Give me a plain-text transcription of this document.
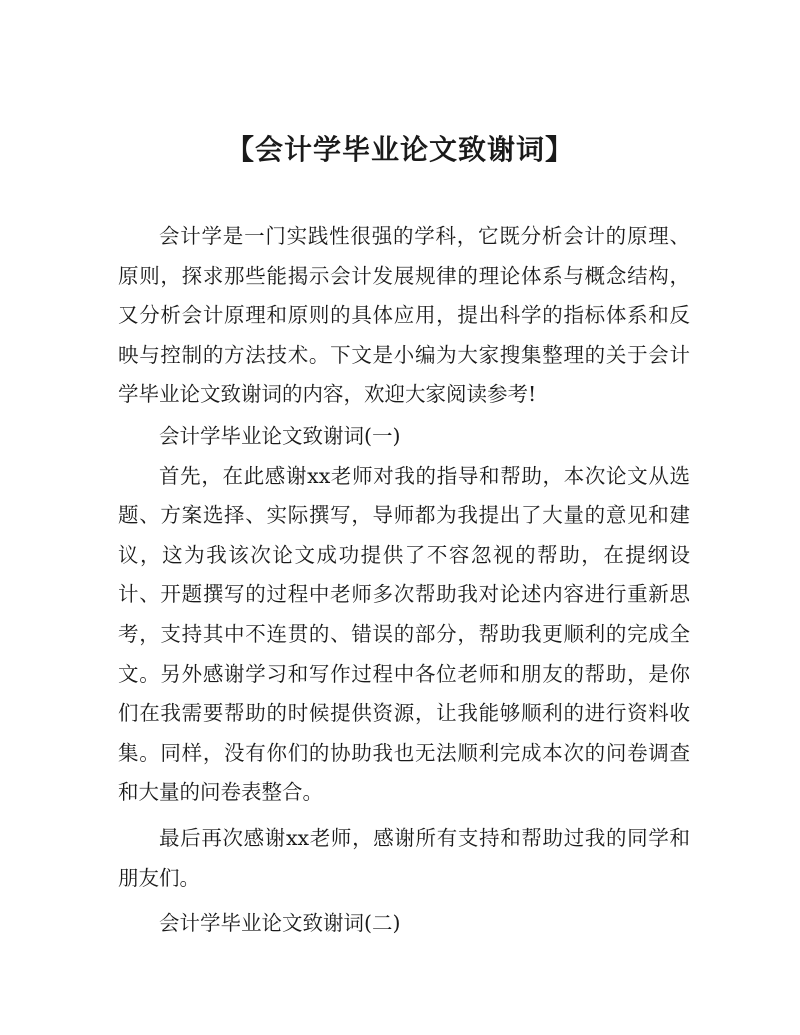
【会计学毕业论文致谢词】

会计学是一门实践性很强的学科，它既分析会计的原理、原则，探求那些能揭示会计发展规律的理论体系与概念结构，又分析会计原理和原则的具体应用，提出科学的指标体系和反映与控制的方法技术。下文是小编为大家搜集整理的关于会计学毕业论文致谢词的内容，欢迎大家阅读参考!

会计学毕业论文致谢词(一)

首先，在此感谢xx老师对我的指导和帮助，本次论文从选题、方案选择、实际撰写，导师都为我提出了大量的意见和建议，这为我该次论文成功提供了不容忽视的帮助，在提纲设计、开题撰写的过程中老师多次帮助我对论述内容进行重新思考，支持其中不连贯的、错误的部分，帮助我更顺利的完成全文。另外感谢学习和写作过程中各位老师和朋友的帮助，是你们在我需要帮助的时候提供资源，让我能够顺利的进行资料收集。同样，没有你们的协助我也无法顺利完成本次的问卷调查和大量的问卷表整合。

最后再次感谢xx老师，感谢所有支持和帮助过我的同学和朋友们。

会计学毕业论文致谢词(二)
